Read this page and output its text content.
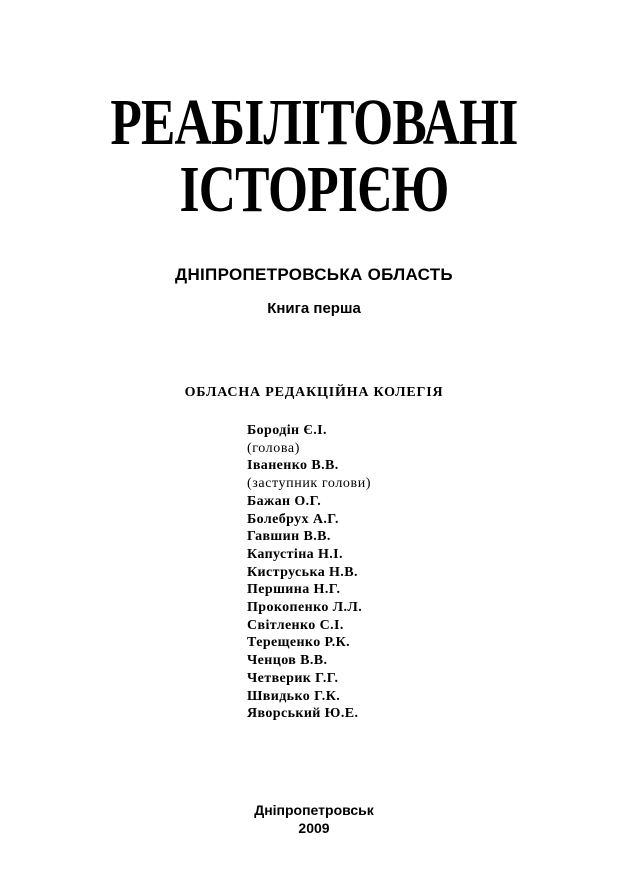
РЕАБІЛІТОВАНІ
ІСТОРІЄЮ
ДНІПРОПЕТРОВСЬКА ОБЛАСТЬ
Книга перша
ОБЛАСНА РЕДАКЦІЙНА КОЛЕГІЯ
Бородін Є.І.
(голова)
Іваненко В.В.
(заступник голови)
Бажан О.Г.
Болебрух А.Г.
Гавшин В.В.
Капустіна Н.І.
Киструська Н.В.
Першина Н.Г.
Прокопенко Л.Л.
Світленко С.І.
Терещенко Р.К.
Ченцов В.В.
Четверик Г.Г.
Швидько Г.К.
Яворський Ю.Е.
Дніпропетровськ
2009
